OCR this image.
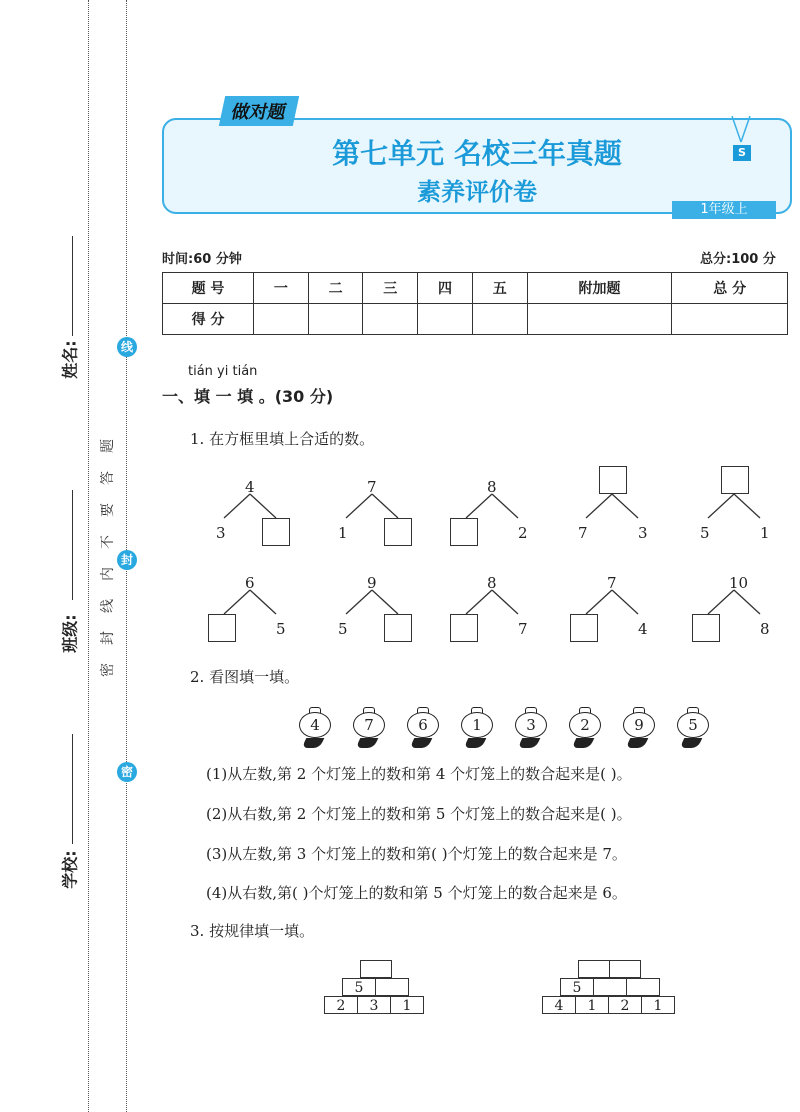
姓名:
班级:
学校:
密
封
线
内
不
要
答
题
线
封
密
第七单元 名校三年真题
素养评价卷
做对题
S
1年级上
时间:60 分钟	总分:100 分
题 号	一	二	三	四	五	附加题	总 分
得 分							
tián yi tián
一、填 一 填 。(30 分)
1. 在方框里填上合适的数。
4
3
7
1
8
2	7	3	5	1
6
5
9
5
8
7
7
4
10
8
2. 看图填一填。
4	7	6	1	3	2	9	5
(1)从左数,第 2 个灯笼上的数和第 4 个灯笼上的数合起来是( )。
(2)从右数,第 2 个灯笼上的数和第 5 个灯笼上的数合起来是( )。
(3)从左数,第 3 个灯笼上的数和第( )个灯笼上的数合起来是 7。
(4)从右数,第( )个灯笼上的数和第 5 个灯笼上的数合起来是 6。
3. 按规律填一填。
5
2	3	1
5
4	1	2	1
